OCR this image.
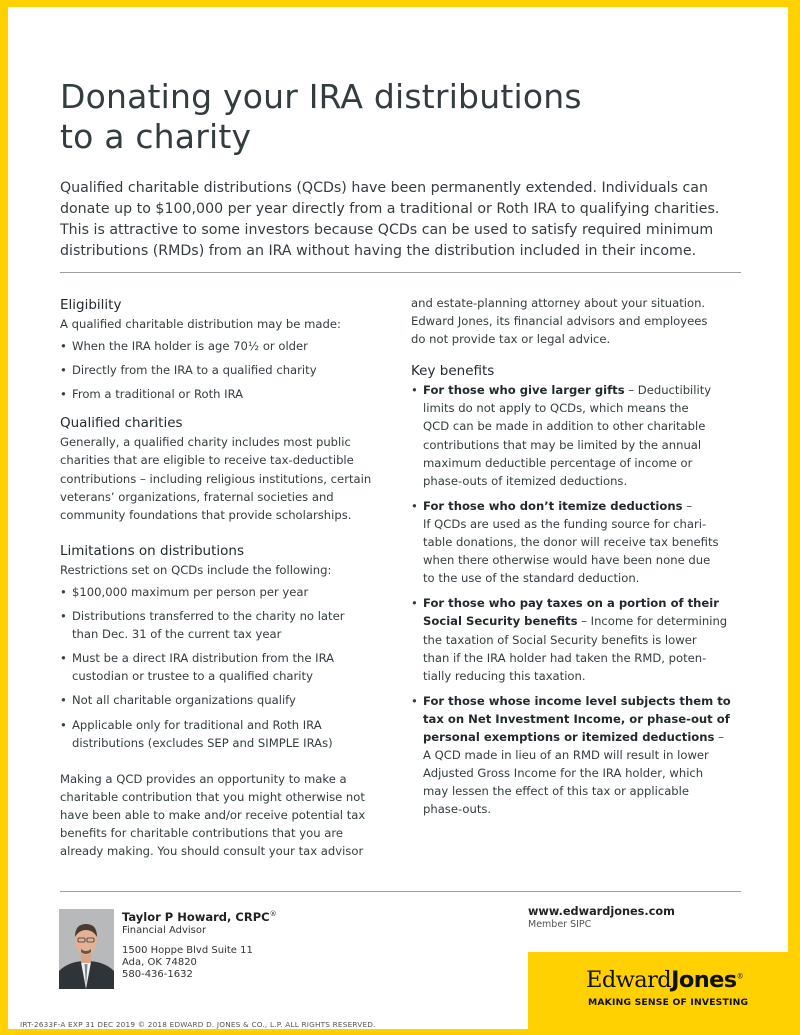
Donating your IRA distributions
to a charity

Qualified charitable distributions (QCDs) have been permanently extended. Individuals can
donate up to $100,000 per year directly from a traditional or Roth IRA to qualifying charities.
This is attractive to some investors because QCDs can be used to satisfy required minimum
distributions (RMDs) from an IRA without having the distribution included in their income.

Eligibility

A qualified charitable distribution may be made:

• When the IRA holder is age 70½ or older
• Directly from the IRA to a qualified charity
• From a traditional or Roth IRA
Qualified charities

Generally, a qualified charity includes most public
charities that are eligible to receive tax-deductible
contributions – including religious institutions, certain
veterans’ organizations, fraternal societies and
community foundations that provide scholarships.

Limitations on distributions

Restrictions set on QCDs include the following:

• $100,000 maximum per person per year
• Distributions transferred to the charity no later
than Dec. 31 of the current tax year
• Must be a direct IRA distribution from the IRA
custodian or trustee to a qualified charity
• Not all charitable organizations qualify
• Applicable only for traditional and Roth IRA
distributions (excludes SEP and SIMPLE IRAs)

Making a QCD provides an opportunity to make a
charitable contribution that you might otherwise not
have been able to make and/or receive potential tax
benefits for charitable contributions that you are
already making. You should consult your tax advisor

and estate-planning attorney about your situation.
Edward Jones, its financial advisors and employees
do not provide tax or legal advice.

Key benefits
• For those who give larger gifts – Deductibility
limits do not apply to QCDs, which means the
QCD can be made in addition to other charitable
contributions that may be limited by the annual
maximum deductible percentage of income or
phase-outs of itemized deductions.
• For those who don’t itemize deductions –
If QCDs are used as the funding source for chari-
table donations, the donor will receive tax benefits
when there otherwise would have been none due
to the use of the standard deduction.
• For those who pay taxes on a portion of their
Social Security benefits – Income for determining
the taxation of Social Security benefits is lower
than if the IRA holder had taken the RMD, poten-
tially reducing this taxation.
• For those whose income level subjects them to
tax on Net Investment Income, or phase-out of
personal exemptions or itemized deductions –
A QCD made in lieu of an RMD will result in lower
Adjusted Gross Income for the IRA holder, which
may lessen the effect of this tax or applicable
phase-outs.
Taylor P Howard, CRPC®
Financial Advisor
1500 Hoppe Blvd Suite 11
Ada, OK 74820
580-436-1632
www.edwardjones.com
Member SIPC
EdwardJones®
MAKING SENSE OF INVESTING
IRT-2633F-A EXP 31 DEC 2019 © 2018 EDWARD D. JONES & CO., L.P. ALL RIGHTS RESERVED.
